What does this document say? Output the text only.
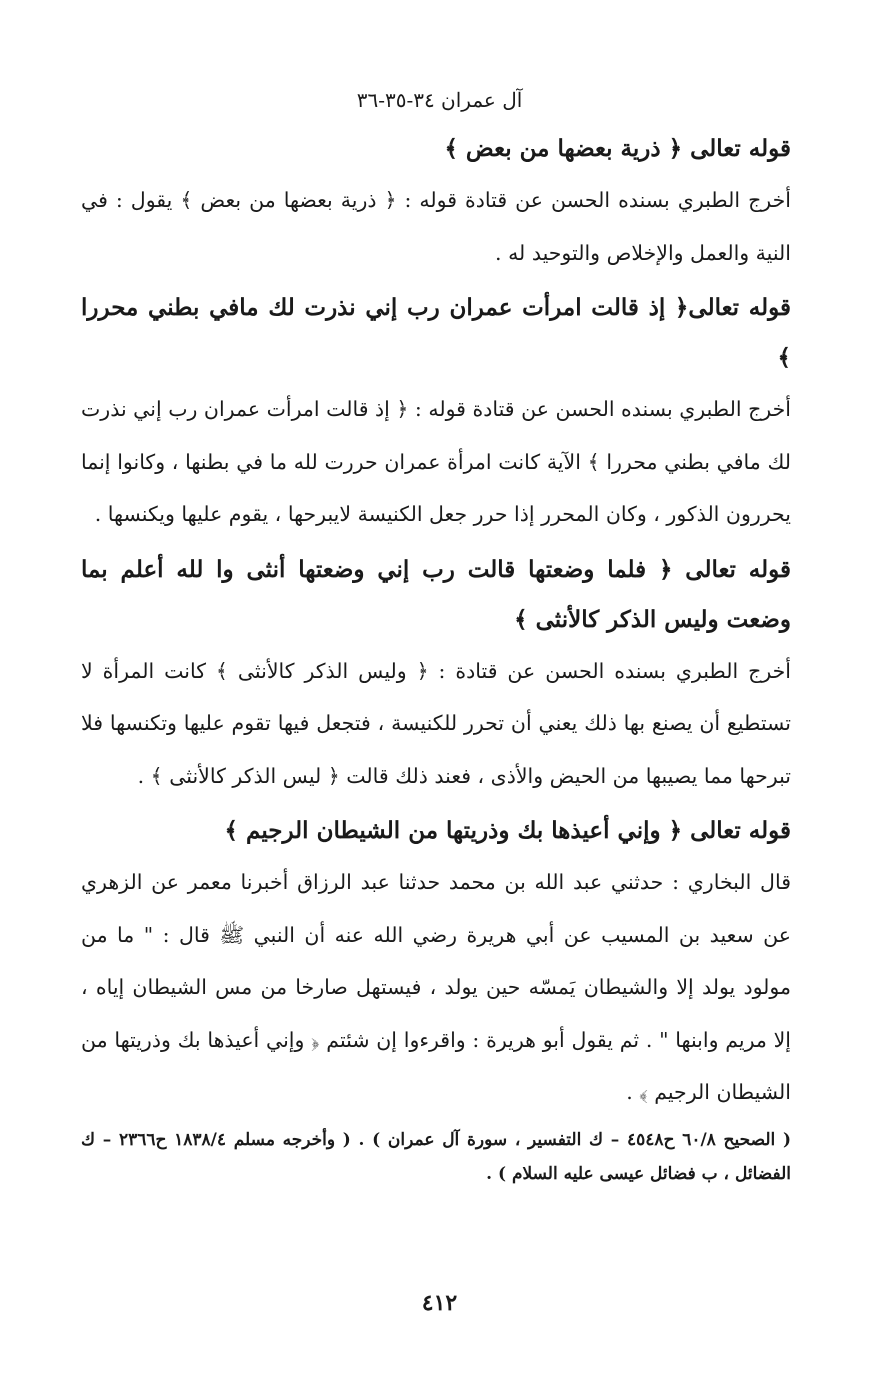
آل عمران ٣٤-٣٥-٣٦

قوله تعالى ﴿ ذرية بعضها من بعض ﴾

أخرج الطبري بسنده الحسن عن قتادة قوله : ﴿ ذرية بعضها من بعض ﴾ يقول : في النية والعمل والإخلاص والتوحيد له .

قوله تعالى﴿ إذ قالت امرأت عمران رب إني نذرت لك مافي بطني محررا ﴾

أخرج الطبري بسنده الحسن عن قتادة قوله : ﴿ إذ قالت امرأت عمران رب إني نذرت لك مافي بطني محررا ﴾ الآية كانت امرأة عمران حررت لله ما في بطنها ، وكانوا إنما يحررون الذكور ، وكان المحرر إذا حرر جعل الكنيسة لايبرحها ، يقوم عليها ويكنسها .

قوله تعالى ﴿ فلما وضعتها قالت رب إني وضعتها أنثى وا لله أعلم بما وضعت وليس الذكر كالأنثى ﴾

أخرج الطبري بسنده الحسن عن قتادة : ﴿ وليس الذكر كالأنثى ﴾ كانت المرأة لا تستطيع أن يصنع بها ذلك يعني أن تحرر للكنيسة ، فتجعل فيها تقوم عليها وتكنسها فلا تبرحها مما يصيبها من الحيض والأذى ، فعند ذلك قالت ﴿ ليس الذكر كالأنثى ﴾ .

قوله تعالى ﴿ وإني أعيذها بك وذريتها من الشيطان الرجيم ﴾

قال البخاري : حدثني عبد الله بن محمد حدثنا عبد الرزاق أخبرنا معمر عن الزهري عن سعيد بن المسيب عن أبي هريرة رضي الله عنه أن النبي ﷺ قال : " ما من مولود يولد إلا والشيطان يَمسّه حين يولد ، فيستهل صارخا من مس الشيطان إياه ، إلا مريم وابنها " . ثم يقول أبو هريرة : واقرءوا إن شئتم ﴿ وإني أعيذها بك وذريتها من الشيطان الرجيم ﴾ .

( الصحيح ٦٠/٨ ح٤٥٤٨ – ك التفسير ، سورة آل عمران ) . ( وأخرجه مسلم ١٨٣٨/٤ ح٢٣٦٦ – ك الفضائل ، ب فضائل عيسى عليه السلام ) .

٤١٢
